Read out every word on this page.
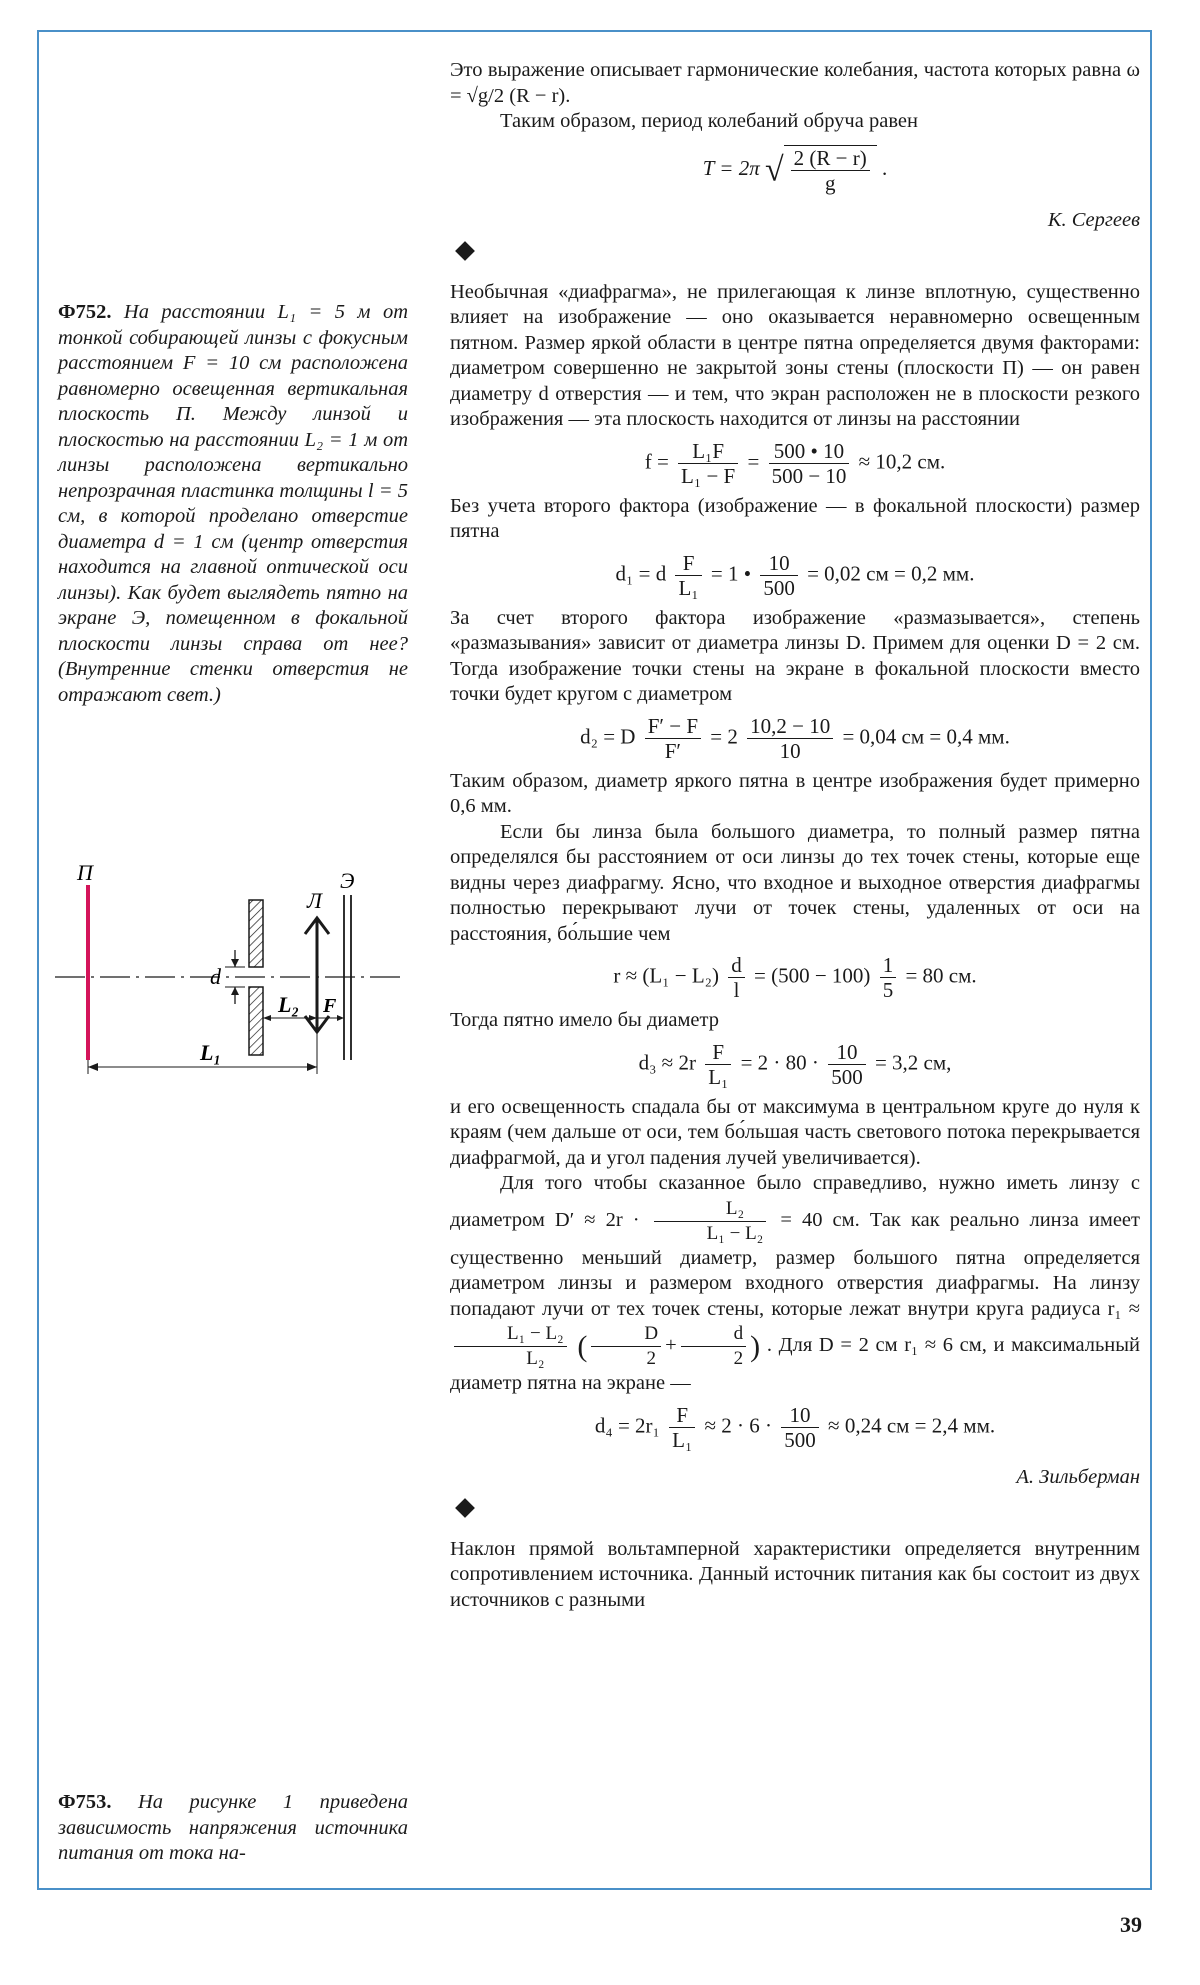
Ф752. На расстоянии L₁ = 5 м от тонкой собирающей линзы с фокусным расстоянием F = 10 см расположена равномерно освещенная вертикальная плоскость П. Между линзой и плоскостью на расстоянии L₂ = 1 м от линзы расположена вертикально непрозрачная пластинка толщины l = 5 см, в которой проделано отверстие диаметра d = 1 см (центр отверстия находится на главной оптической оси линзы). Как будет выглядеть пятно на экране Э, помещенном в фокальной плоскости линзы справа от нее? (Внутренние стенки отверстия не отражают свет.)

П
d
Л
Э
L₂ F
L₁

Ф753. На рисунке 1 приведена зависимость напряжения источника питания от тока на-

Это выражение описывает гармонические колебания, частота которых равна ω = √g/2 (R − r).

Таким образом, период колебаний обруча равен

T = 2π √ $\frac{2 (R - r)}{g}$ .
К. Сергеев

Необычная «диафрагма», не прилегающая к линзе вплотную, существенно влияет на изображение — оно оказывается неравномерно освещенным пятном. Размер яркой области в центре пятна определяется двумя факторами: диаметром совершенно не закрытой зоны стены (плоскости П) — он равен диаметру d отверстия — и тем, что экран расположен не в плоскости резкого изображения — эта плоскость находится от линзы на расстоянии

$f = \frac{\text{L₁F}}{\text{L₁ − F}} = \frac{500 • 10}{500 - 10} \approx 10,2$ см.

Без учета второго фактора (изображение — в фокальной плоскости) размер пятна

d₁ = d $\frac{F}{\text{L₁}} = 1$ • $\frac{10}{500} = 0,02$ см = 0,2 мм.

За счет второго фактора изображение «размазывается», степень «размазывания» зависит от диаметра линзы D. Примем для оценки D = 2 см. Тогда изображение точки стены на экране в фокальной плоскости вместо точки будет кругом с диаметром

d₂ = D $\frac{F' - F}{F'} = 2 \frac{10,2 - 10}{10} = 0,04$ см = 0,4 мм.

Таким образом, диаметр яркого пятна в центре изображения будет примерно 0,6 мм.

Если бы линза была большого диаметра, то полный размер пятна определялся бы расстоянием от оси линзы до тех точек стены, которые еще видны через диафрагму. Ясно, что входное и выходное отверстия диафрагмы полностью перекрывают лучи от точек стены, удаленных от оси на расстояния, бо́льшие чем

$r \approx (L_1 - L_2) \frac{d}{l} = (500 - 100) \frac{1}{5} = 80$ см.

Тогда пятно имело бы диаметр

$d_3 \approx 2r \frac{F}{\text{L₁}} = 2 \cdot 80 \cdot \frac{10}{500} = 3,2$ см,

и его освещенность спадала бы от максимума в центральном круге до нуля к краям (чем дальше от оси, тем бо́льшая часть светового потока перекрывается диафрагмой, да и угол падения лучей увеличивается).

Для того чтобы сказанное было справедливо, нужно иметь линзу с диаметром $D' \approx 2r \cdot \frac{\text{L₂}}{\text{L₁ − L₂}} = 40$ см. Так как реально линза имеет существенно меньший диаметр, размер большого пятна определяется диаметром линзы и размером входного отверстия диафрагмы. На линзу попадают лучи от тех точек стены, которые лежат внутри круга радиуса r₁ ≈
$\frac{\text{L₁ − L₂}}{\text{L₂}}$ ( $\frac{D}{2} + \frac{d}{2}$ ) . Для D = 2 см r₁ ≈ 6 см, и максимальный диаметр пятна на экране —

$d_4 = 2r_1 \frac{F}{\text{L₁}} \approx 2 \cdot 6 \cdot \frac{10}{500} \approx 0,24$ см = 2,4 мм.
А. Зильберман

Наклон прямой вольтамперной характеристики определяется внутренним сопротивлением источника. Данный источник питания как бы состоит из двух источников с разными

39
